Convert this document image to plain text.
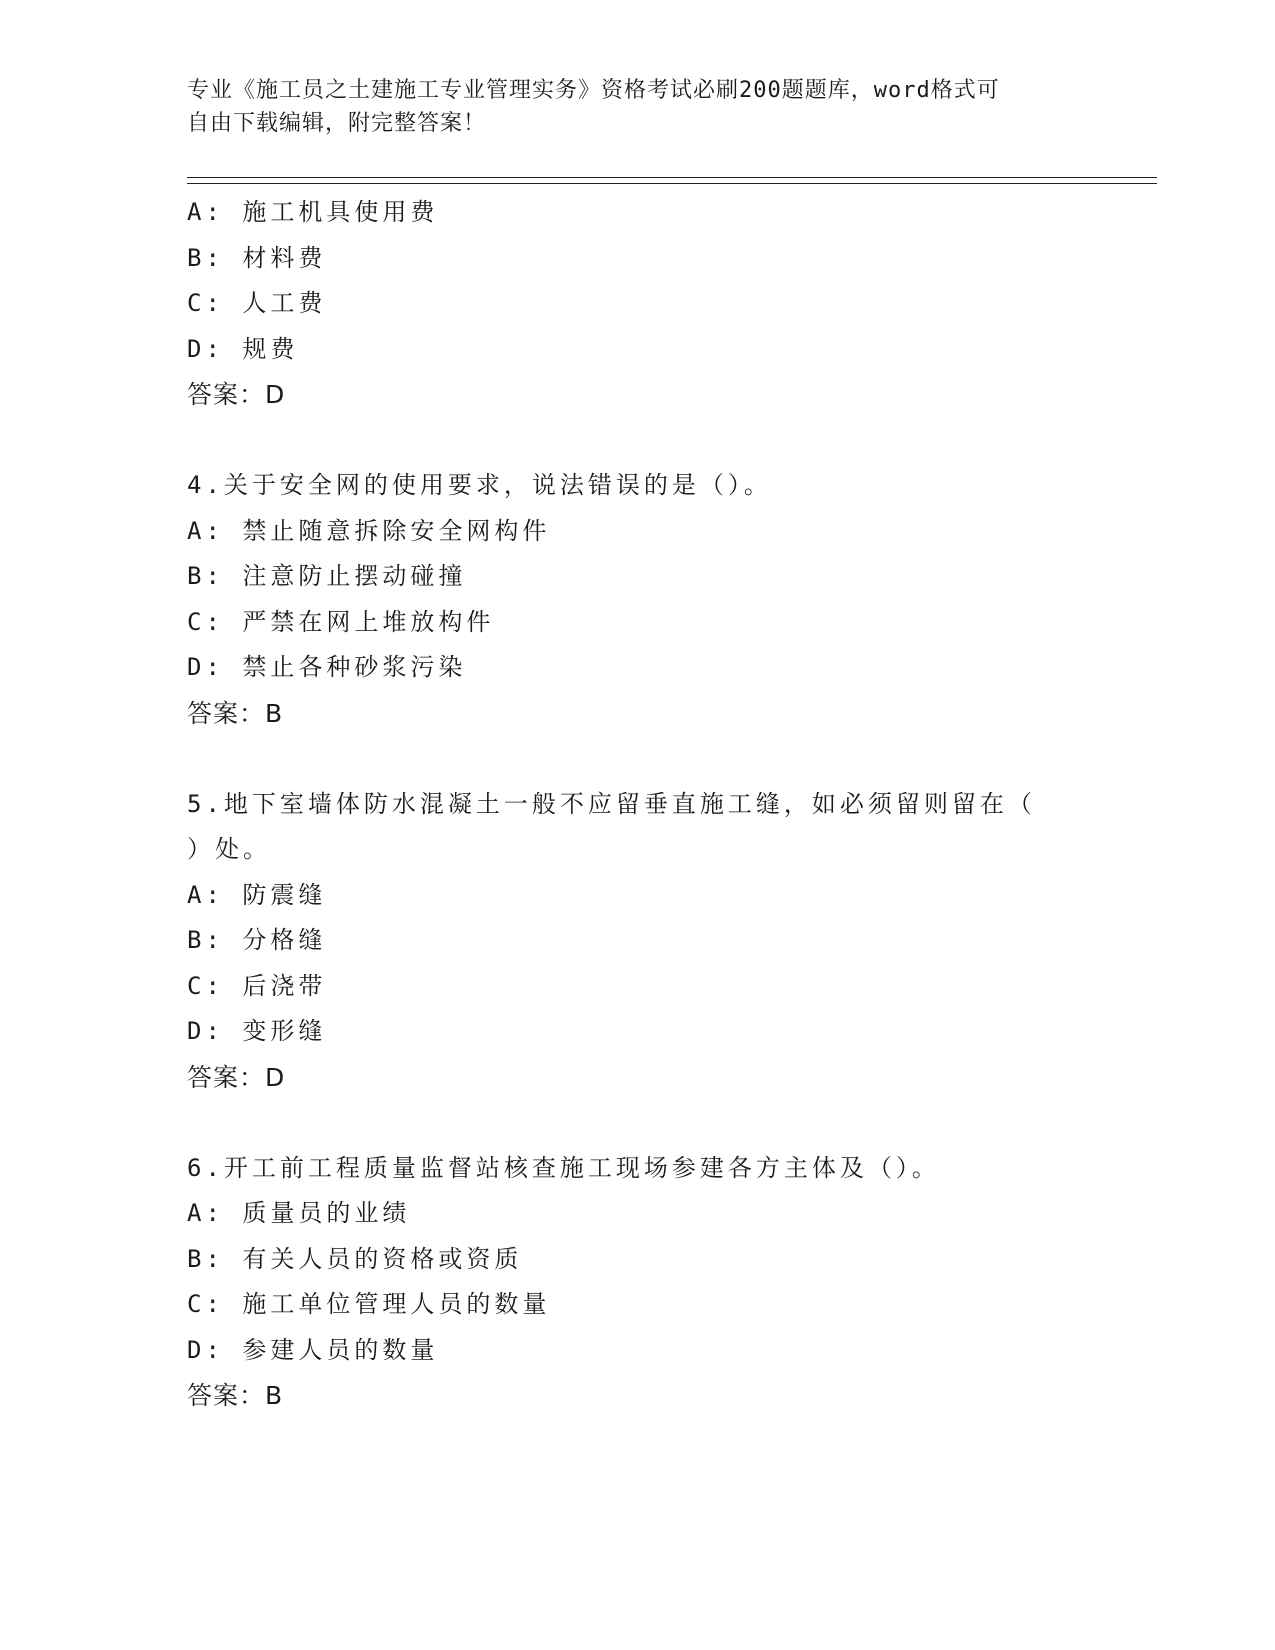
专业《施工员之土建施工专业管理实务》资格考试必刷200题题库，word格式可
自由下载编辑，附完整答案！
A: 施工机具使用费
B: 材料费
C: 人工费
D: 规费
答案：D
4.关于安全网的使用要求，说法错误的是（）。
A: 禁止随意拆除安全网构件
B: 注意防止摆动碰撞
C: 严禁在网上堆放构件
D: 禁止各种砂浆污染
答案：B
5.地下室墙体防水混凝土一般不应留垂直施工缝，如必须留则留在（
）处。
A: 防震缝
B: 分格缝
C: 后浇带
D: 变形缝
答案：D
6.开工前工程质量监督站核查施工现场参建各方主体及（）。
A: 质量员的业绩
B: 有关人员的资格或资质
C: 施工单位管理人员的数量
D: 参建人员的数量
答案：B
